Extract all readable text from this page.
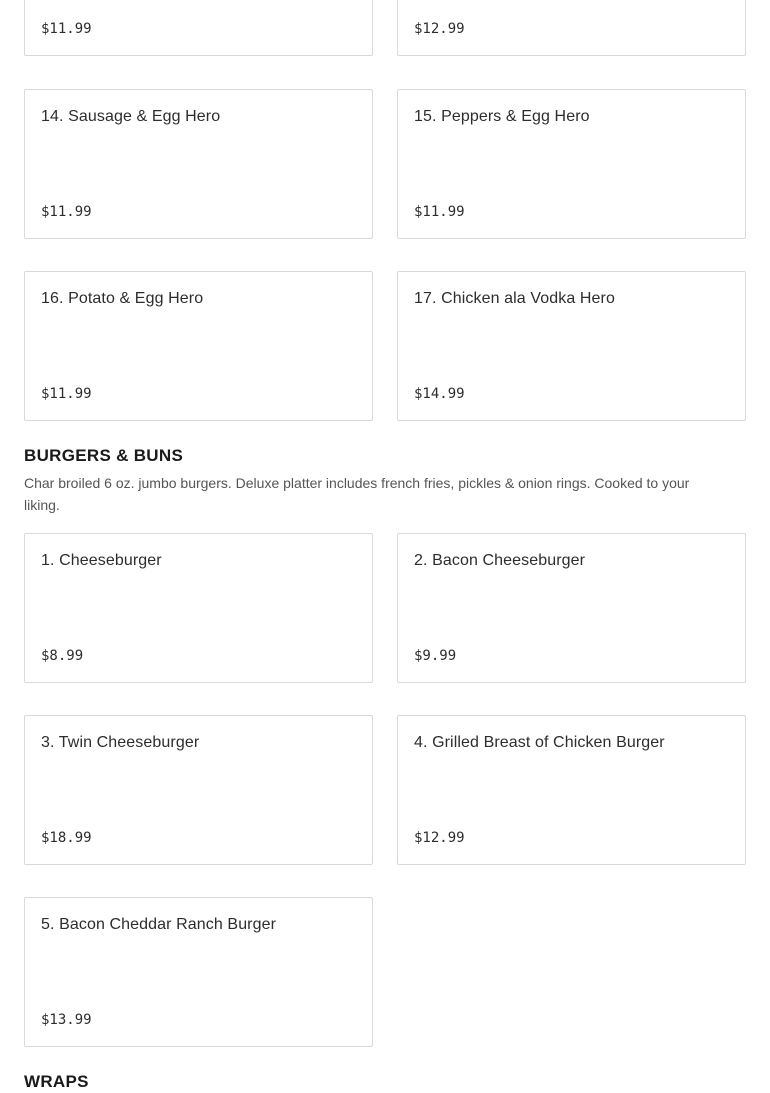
$11.99	$12.99
14. Sausage & Egg Hero
$11.99
15. Peppers & Egg Hero
$11.99
16. Potato & Egg Hero
$11.99
17. Chicken ala Vodka Hero
$14.99
BURGERS & BUNS

Char broiled 6 oz. jumbo burgers. Deluxe platter includes french fries, pickles & onion rings. Cooked to your liking.

1. Cheeseburger
$8.99
2. Bacon Cheeseburger
$9.99
3. Twin Cheeseburger
$18.99
4. Grilled Breast of Chicken Burger
$12.99
5. Bacon Cheddar Ranch Burger
$13.99
WRAPS
